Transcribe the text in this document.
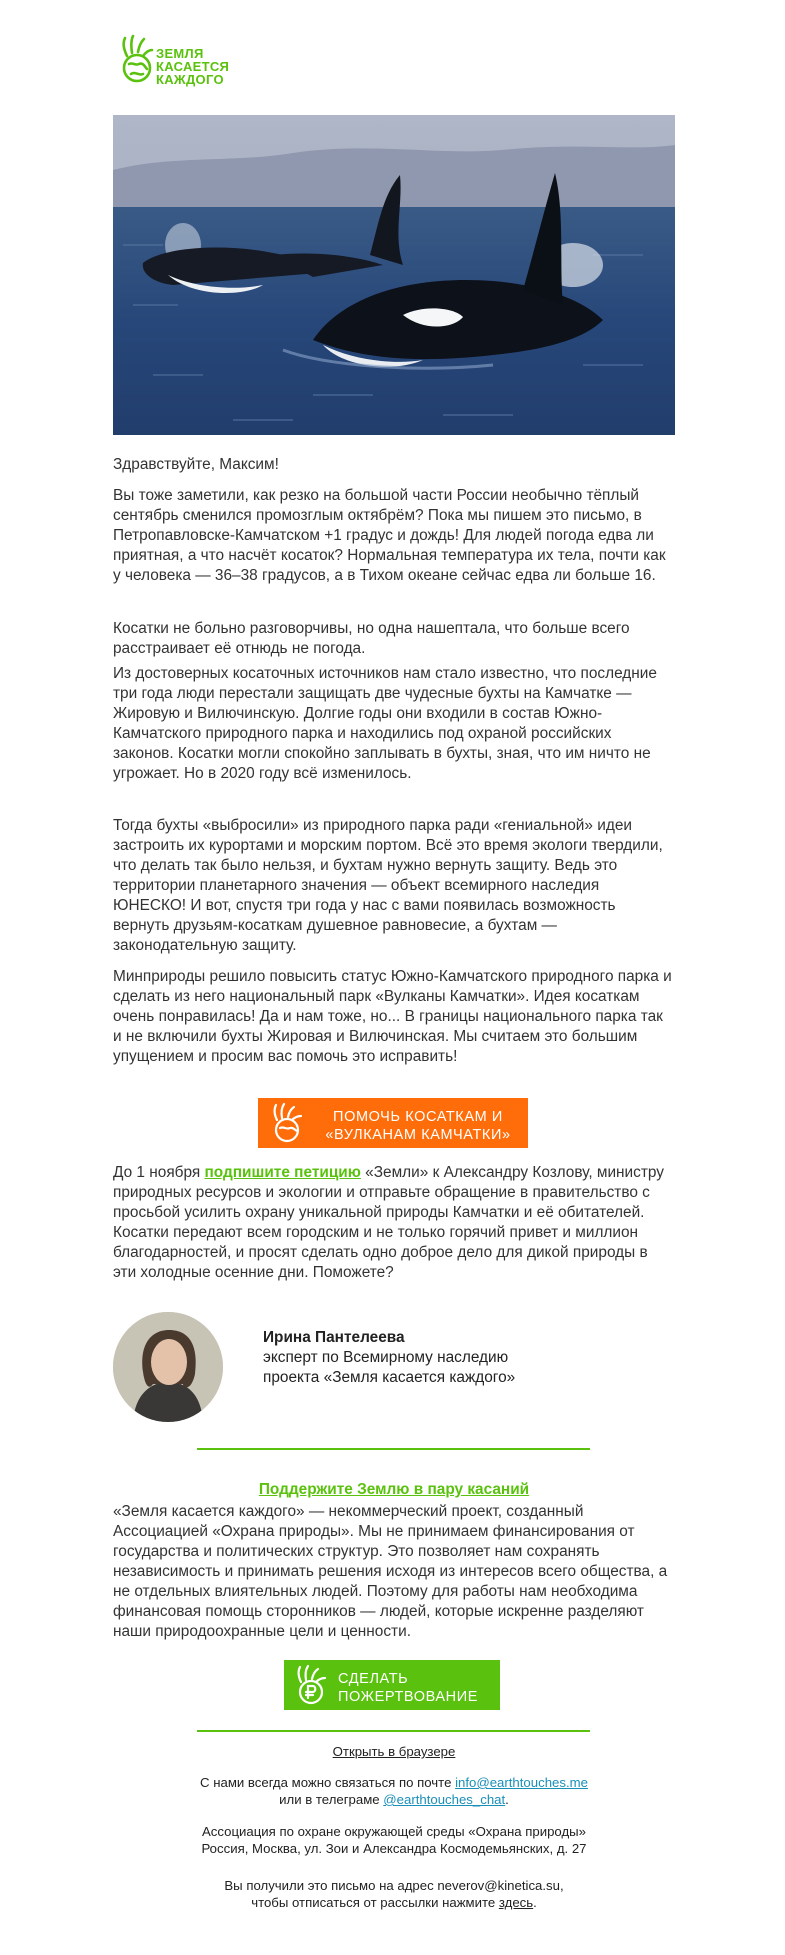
ЗЕМЛЯ
КАСАЕТСЯ
КАЖДОГО

Здравствуйте, Максим!

Вы тоже заметили, как резко на большой части России необычно тёплый сентябрь сменился промозглым октябрём? Пока мы пишем это письмо, в Петропавловске-Камчатском +1 градус и дождь! Для людей погода едва ли приятная, а что насчёт косаток? Нормальная температура их тела, почти как у человека — 36–38 градусов, а в Тихом океане сейчас едва ли больше 16.

Косатки не больно разговорчивы, но одна нашептала, что больше всего расстраивает её отнюдь не погода.

Из достоверных косаточных источников нам стало известно, что последние три года люди перестали защищать две чудесные бухты на Камчатке — Жировую и Вилючинскую. Долгие годы они входили в состав Южно-Камчатского природного парка и находились под охраной российских законов. Косатки могли спокойно заплывать в бухты, зная, что им ничто не угрожает. Но в 2020 году всё изменилось.

Тогда бухты «выбросили» из природного парка ради «гениальной» идеи застроить их курортами и морским портом. Всё это время экологи твердили, что делать так было нельзя, и бухтам нужно вернуть защиту. Ведь это территории планетарного значения — объект всемирного наследия ЮНЕСКО! И вот, спустя три года у нас с вами появилась возможность вернуть друзьям-косаткам душевное равновесие, а бухтам — законодательную защиту.

Минприроды решило повысить статус Южно-Камчатского природного парка и сделать из него национальный парк «Вулканы Камчатки». Идея косаткам очень понравилась! Да и нам тоже, но... В границы национального парка так и не включили бухты Жировая и Вилючинская. Мы считаем это большим упущением и просим вас помочь это исправить!

ПОМОЧЬ КОСАТКАМ И
«ВУЛКАНАМ КАМЧАТКИ»

До 1 ноября подпишите петицию «Земли» к Александру Козлову, министру природных ресурсов и экологии и отправьте обращение в правительство с просьбой усилить охрану уникальной природы Камчатки и её обитателей. Косатки передают всем городским и не только горячий привет и миллион благодарностей, и просят сделать одно доброе дело для дикой природы в эти холодные осенние дни. Поможете?

Ирина Пантелеева
эксперт по Всемирному наследию
проекта «Земля касается каждого»
Поддержите Землю в пару касаний

«Земля касается каждого» — некоммерческий проект, созданный Ассоциацией «Охрана природы». Мы не принимаем финансирования от государства и политических структур. Это позволяет нам сохранять независимость и принимать решения исходя из интересов всего общества, а не отдельных влиятельных людей. Поэтому для работы нам необходима финансовая помощь сторонников — людей, которые искренне разделяют наши природоохранные цели и ценности.

СДЕЛАТЬ
ПОЖЕРТВОВАНИЕ
Открыть в браузере
С нами всегда можно связаться по почте info@earthtouches.me
или в телеграме @earthtouches_chat.
Ассоциация по охране окружающей среды «Охрана природы»
Россия, Москва, ул. Зои и Александра Космодемьянских, д. 27
Вы получили это письмо на адрес neverov@kinetica.su,
чтобы отписаться от рассылки нажмите здесь.
